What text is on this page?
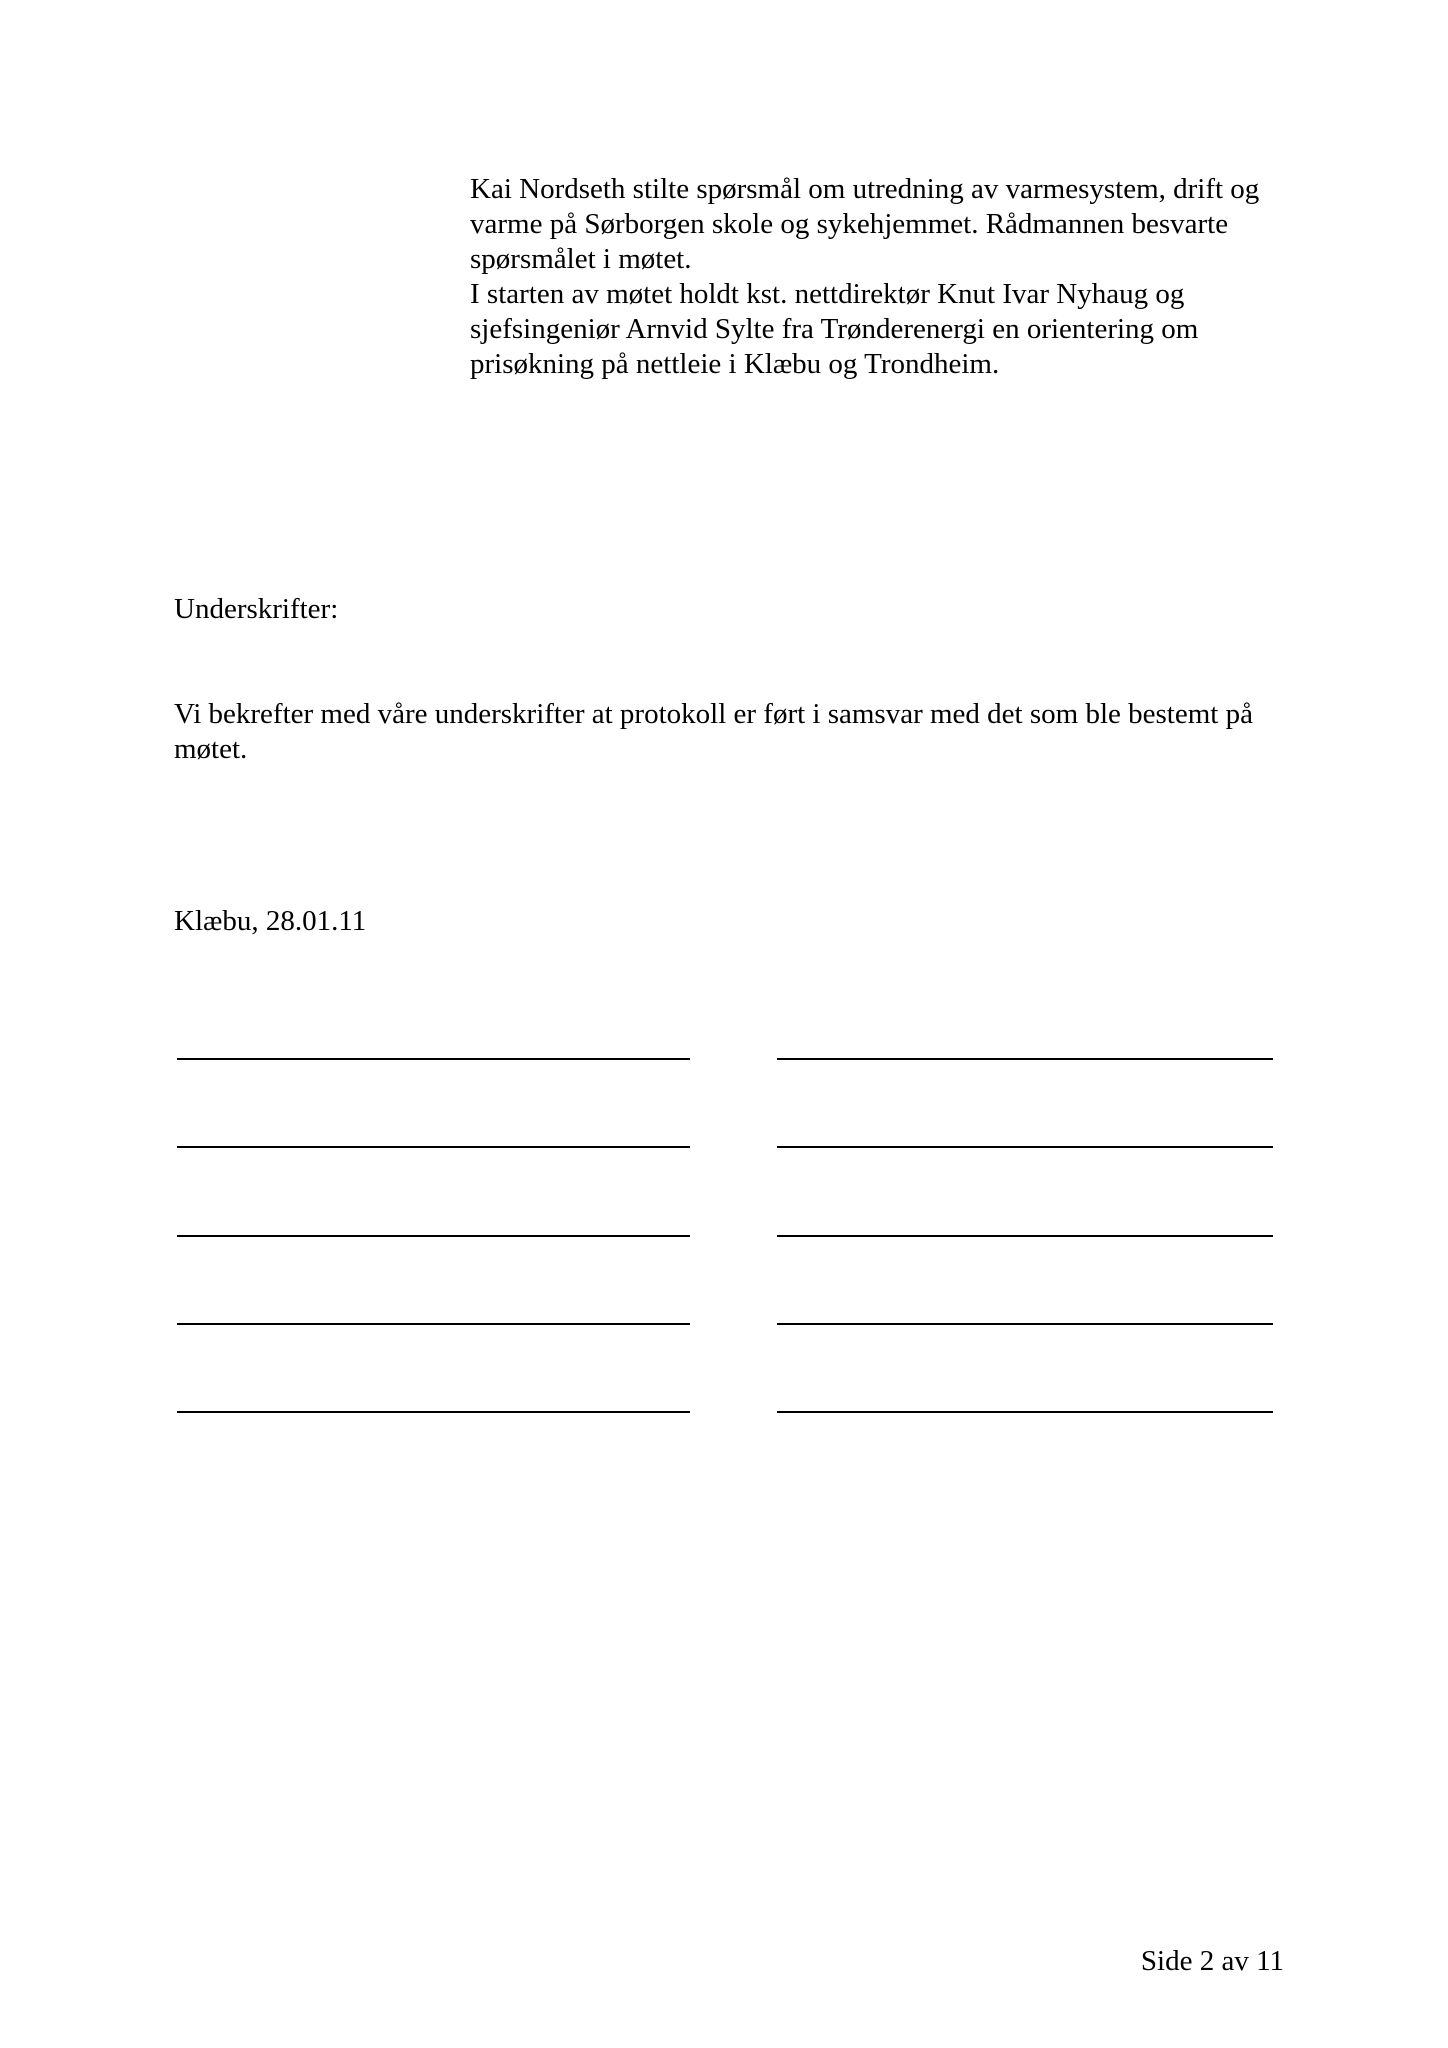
Kai Nordseth stilte spørsmål om utredning av varmesystem, drift og

varme på Sørborgen skole og sykehjemmet. Rådmannen besvarte

spørsmålet i møtet.

I starten av møtet holdt kst. nettdirektør Knut Ivar Nyhaug og

sjefsingeniør Arnvid Sylte fra Trønderenergi en orientering om

prisøkning på nettleie i Klæbu og Trondheim.

Underskrifter:
Vi bekrefter med våre underskrifter at protokoll er ført i samsvar med det som ble bestemt på
møtet.
Klæbu, 28.01.11
Side 2 av 11
